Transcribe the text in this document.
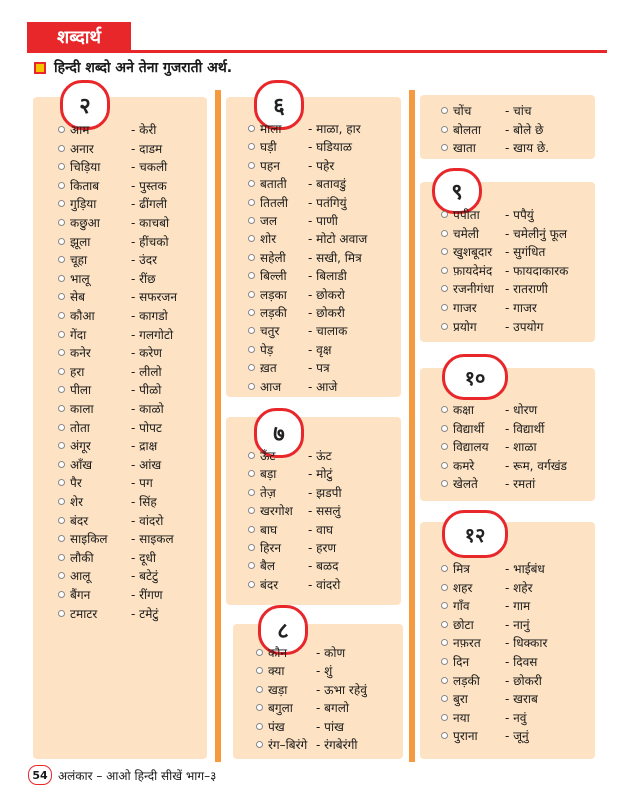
शब्दार्थ
हिन्दी शब्दो अने तेना गुजराती अर्थ.
२
आम	- केरी
अनार	- दाडम
चिड़िया	- चकली
किताब	- पुस्तक
गुड़िया	- ढींगली
कछुआ	- काचबो
झूला	- हींचको
चूहा	- उंदर
भालू	- रींछ
सेब	- सफरजन
कौआ	- कागडो
गेंदा	- गलगोटो
कनेर	- करेण
हरा	- लीलो
पीला	- पीळो
काला	- काळो
तोता	- पोपट
अंगूर	- द्राक्ष
आँख	- आंख
पैर	- पग
शेर	- सिंह
बंदर	- वांदरो
साइकिल - साइकल
लौकी	- दूधी
आलू	- बटेटुं
बैंगन	- रींगण
टमाटर	- टमेटुं
६
माला - माळा, हार
घड़ी	- घडियाळ
पहन - पहेर
बताती - बतावडुं
तितली - पतंगियुं
जल	- पाणी
शोर	- मोटो अवाज
सहेली - सखी, मित्र
बिल्ली - बिलाडी
लड़का - छोकरो
लड़की - छोकरी
चतुर - चालाक
पेड़	- वृक्ष
ख़त	- पत्र
आज - आजे
७
ऊँट	- ऊंट
बड़ा	- मोटुं
तेज़	- झडपी
खरगोश - ससलुं
बाघ	- वाघ
हिरन - हरण
बैल	- बळद
बंदर - वांदरो
८
कौन - कोण
क्या	- शुं
खड़ा - ऊभा रहेवुं
बगुला - बगलो
पंख	- पांख
रंग–बिरंगे - रंगबेरंगी
चोंच	- चांच
बोलता - बोले छे
खाता - खाय छे.
९
पपीता - पपैयुं
चमेली - चमेलीनुं फूल
खुशबूदार - सुगंधित
फ़ायदेमंद - फायदाकारक
रजनीगंधा - रातराणी
गाजर - गाजर
प्रयोग - उपयोग
१०
कक्षा	- धोरण
विद्यार्थी - विद्यार्थी
विद्यालय - शाळा
कमरे	- रूम, वर्गखंड
खेलते - रमतां
१२
मित्र	- भाईबंध
शहर	- शहेर
गाँव	- गाम
छोटा	- नानुं
नफ़रत - धिक्कार
दिन	- दिवस
लड़की - छोकरी
बुरा	- खराब
नया	- नवुं
पुराना - जूनुं
54 अलंकार – आओ हिन्दी सीखें भाग–३
